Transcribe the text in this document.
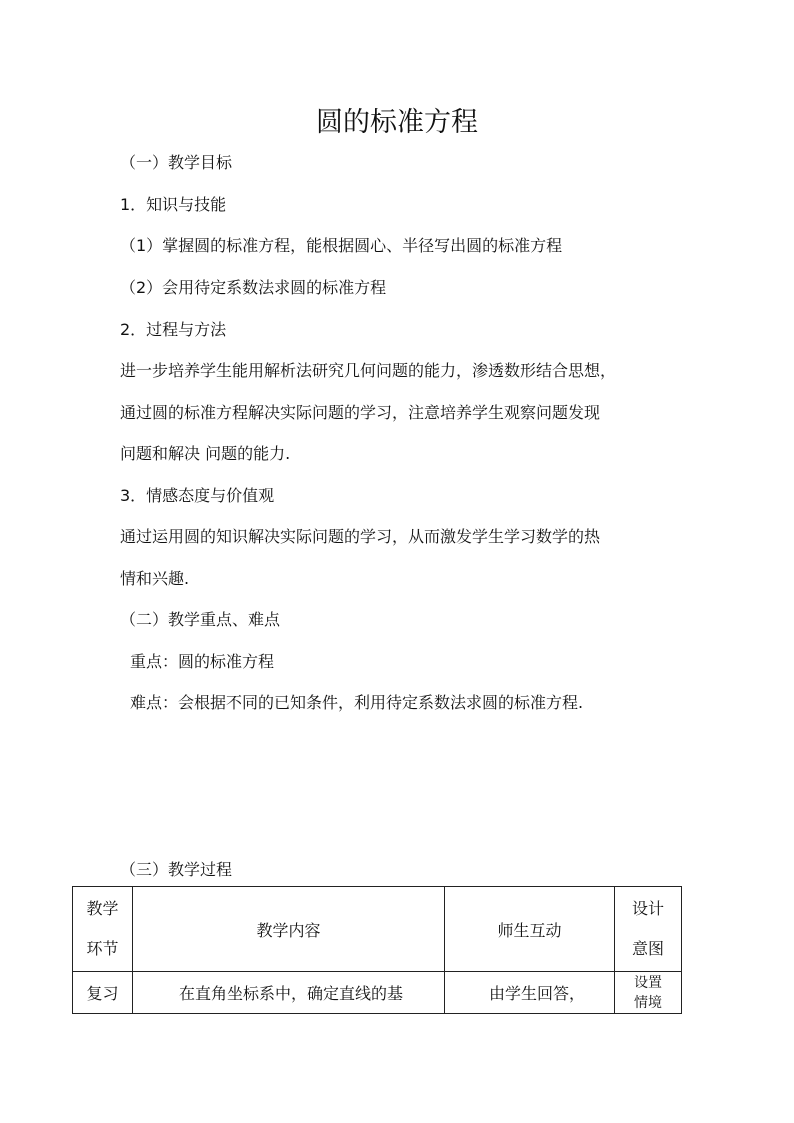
圆的标准方程
（一）教学目标
1．知识与技能
（1）掌握圆的标准方程，能根据圆心、半径写出圆的标准方程
（2）会用待定系数法求圆的标准方程
2．过程与方法
进一步培养学生能用解析法研究几何问题的能力，渗透数形结合思想，
通过圆的标准方程解决实际问题的学习，注意培养学生观察问题发现
问题和解决 问题的能力.
3．情感态度与价值观
通过运用圆的知识解决实际问题的学习，从而激发学生学习数学的热
情和兴趣.
（二）教学重点、难点
重点：圆的标准方程
难点：会根据不同的已知条件，利用待定系数法求圆的标准方程.
（三）教学过程
教学
环节	教学内容	师生互动	设计
意图

复习	在直角坐标系中，确定直线的基	由学生回答，	设置
情境
